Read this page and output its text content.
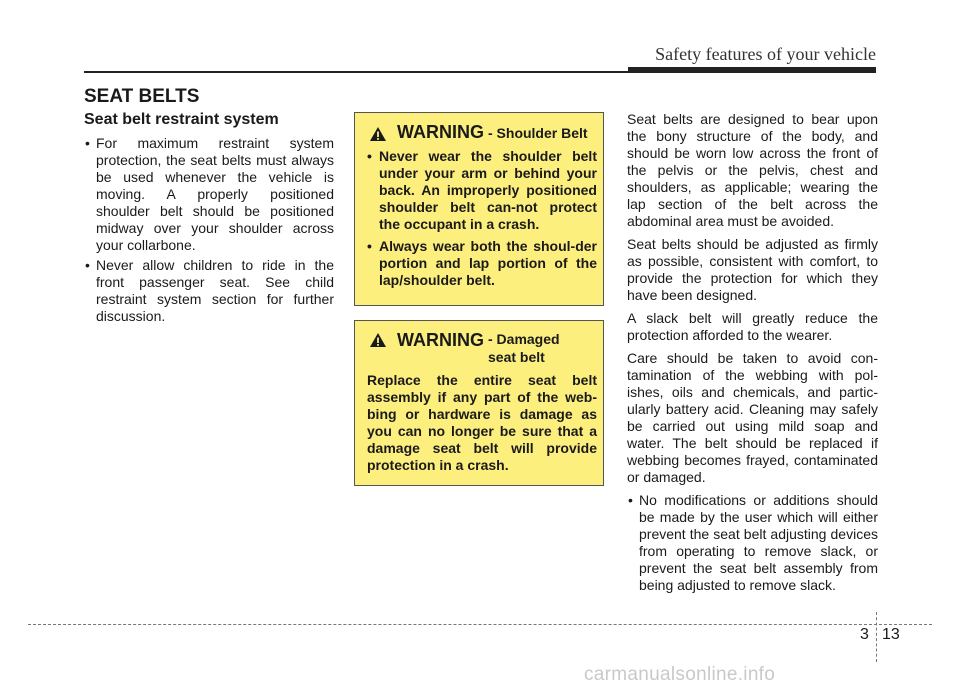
Safety features of your vehicle
SEAT BELTS
Seat belt restraint system
• For maximum restraint system protection, the seat belts must always be used whenever the vehicle is moving. A properly positioned shoulder belt should be positioned midway over your shoulder across your collarbone.
• Never allow children to ride in the front passenger seat. See child restraint system section for further discussion.
WARNING - Shoulder Belt
• Never wear the shoulder belt under your arm or behind your back. An improperly positioned shoulder belt can-not protect the occupant in a crash.
• Always wear both the shoul-der portion and lap portion of the lap/shoulder belt.
WARNING - Damaged seat belt

Replace the entire seat belt assembly if any part of the web-bing or hardware is damage as you can no longer be sure that a damage seat belt will provide protection in a crash.

Seat belts are designed to bear upon the bony structure of the body, and should be worn low across the front of the pelvis or the pelvis, chest and shoulders, as applicable; wearing the lap section of the belt across the abdominal area must be avoided.

Seat belts should be adjusted as firmly as possible, consistent with comfort, to provide the protection for which they have been designed.

A slack belt will greatly reduce the protection afforded to the wearer.

Care should be taken to avoid con-tamination of the webbing with pol-ishes, oils and chemicals, and partic-ularly battery acid. Cleaning may safely be carried out using mild soap and water. The belt should be replaced if webbing becomes frayed, contaminated or damaged.

• No modifications or additions should be made by the user which will either prevent the seat belt adjusting devices from operating to remove slack, or prevent the seat belt assembly from being adjusted to remove slack.
3 13
carmanualsonline.info
